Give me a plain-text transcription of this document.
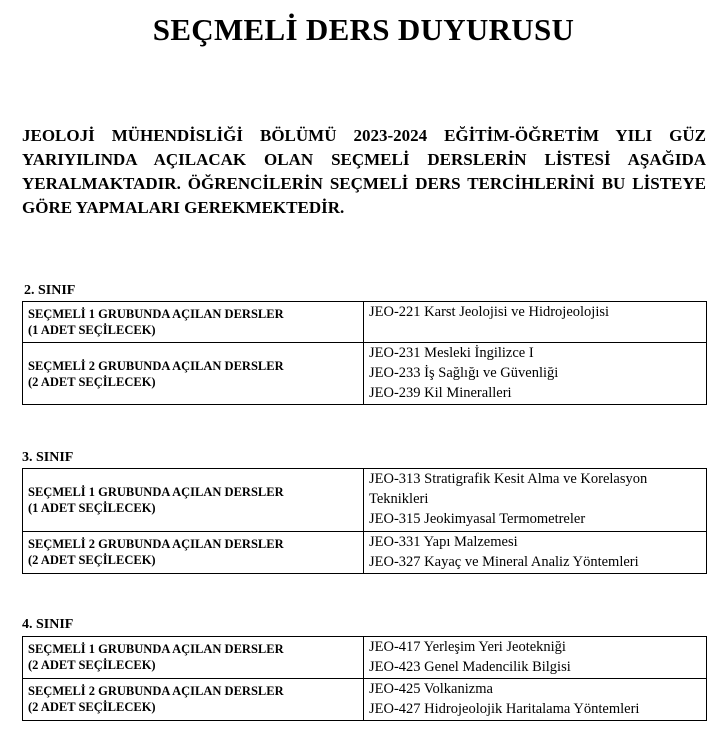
SEÇMELİ DERS DUYURUSU
JEOLOJİ MÜHENDİSLİĞİ BÖLÜMÜ 2023-2024 EĞİTİM-ÖĞRETİM YILI GÜZ YARIYILINDA AÇILACAK OLAN SEÇMELİ DERSLERİN LİSTESİ AŞAĞIDA YERALMAKTADIR. ÖĞRENCİLERİN SEÇMELİ DERS TERCİHLERİNİ BU LİSTEYE GÖRE YAPMALARI GEREKMEKTEDİR.
2. SINIF
SEÇMELİ 1 GRUBUNDA AÇILAN DERSLER
(1 ADET SEÇİLECEK)	JEO-221 Karst Jeolojisi ve Hidrojeolojisi

SEÇMELİ 2 GRUBUNDA AÇILAN DERSLER
(2 ADET SEÇİLECEK)	JEO-231 Mesleki İngilizce I
JEO-233 İş Sağlığı ve Güvenliği
JEO-239 Kil Mineralleri
3. SINIF
SEÇMELİ 1 GRUBUNDA AÇILAN DERSLER
(1 ADET SEÇİLECEK)	JEO-313 Stratigrafik Kesit Alma ve Korelasyon Teknikleri
JEO-315 Jeokimyasal Termometreler

SEÇMELİ 2 GRUBUNDA AÇILAN DERSLER
(2 ADET SEÇİLECEK)	JEO-331 Yapı Malzemesi
JEO-327 Kayaç ve Mineral Analiz Yöntemleri
4. SINIF
SEÇMELİ 1 GRUBUNDA AÇILAN DERSLER
(2 ADET SEÇİLECEK)	JEO-417 Yerleşim Yeri Jeotekniği
JEO-423 Genel Madencilik Bilgisi

SEÇMELİ 2 GRUBUNDA AÇILAN DERSLER
(2 ADET SEÇİLECEK)	JEO-425 Volkanizma
JEO-427 Hidrojeolojik Haritalama Yöntemleri
